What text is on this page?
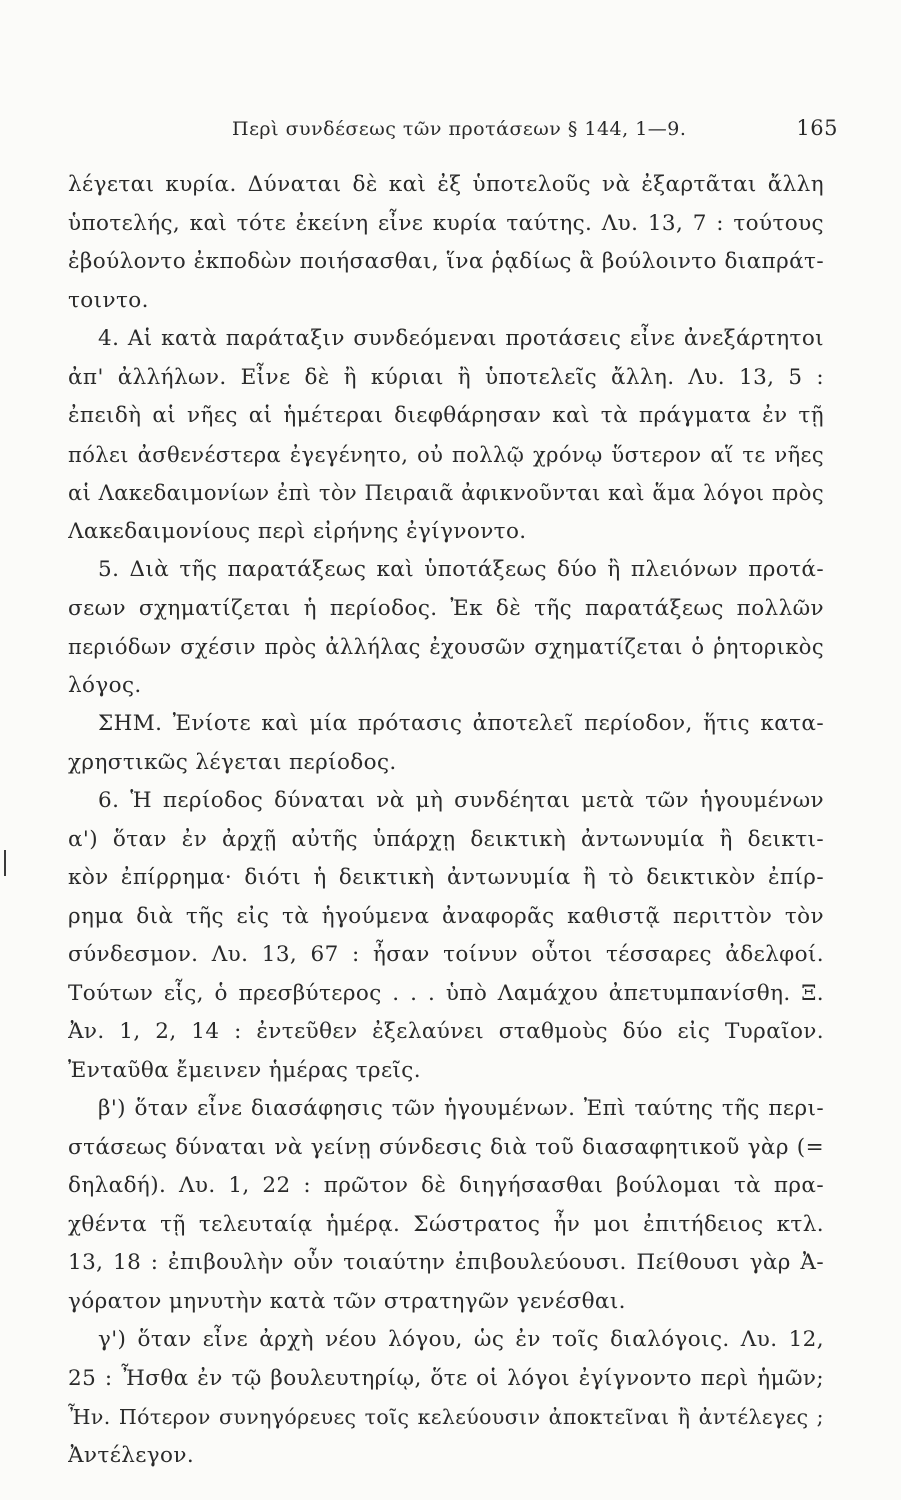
Περὶ συνδέσεως τῶν προτάσεων § 144, 1—9.	165
λέγεται κυρία. Δύναται δὲ καὶ ἐξ ὑποτελοῦς νὰ ἐξαρτᾶται ἄλλη
ὑποτελής, καὶ τότε ἐκείνη εἶνε κυρία ταύτης. Λυ. 13, 7 : τούτους
ἐβούλοντο ἐκποδὼν ποιήσασθαι, ἵνα ῥᾳδίως ἃ βούλοιντο διαπράτ-
τοιντο.
4. Αἱ κατὰ παράταξιν συνδεόμεναι προτάσεις εἶνε ἀνεξάρτητοι
ἀπ' ἀλλήλων. Εἶνε δὲ ἢ κύριαι ἢ ὑποτελεῖς ἄλλη. Λυ. 13, 5 :
ἐπειδὴ αἱ νῆες αἱ ἡμέτεραι διεφθάρησαν καὶ τὰ πράγματα ἐν τῇ
πόλει ἀσθενέστερα ἐγεγένητο, οὐ πολλῷ χρόνῳ ὕστερον αἵ τε νῆες
αἱ Λακεδαιμονίων ἐπὶ τὸν Πειραιᾶ ἀφικνοῦνται καὶ ἅμα λόγοι πρὸς
Λακεδαιμονίους περὶ εἰρήνης ἐγίγνοντο.
5. Διὰ τῆς παρατάξεως καὶ ὑποτάξεως δύο ἢ πλειόνων προτά-
σεων σχηματίζεται ἡ περίοδος. Ἐκ δὲ τῆς παρατάξεως πολλῶν
περιόδων σχέσιν πρὸς ἀλλήλας ἐχουσῶν σχηματίζεται ὁ ῥητορικὸς
λόγος.
ΣΗΜ. Ἐνίοτε καὶ μία πρότασις ἀποτελεῖ περίοδον, ἥτις κατα-
χρηστικῶς λέγεται περίοδος.
6. Ἡ περίοδος δύναται νὰ μὴ συνδέηται μετὰ τῶν ἡγουμένων
α') ὅταν ἐν ἀρχῇ αὐτῆς ὑπάρχῃ δεικτικὴ ἀντωνυμία ἢ δεικτι-
κὸν ἐπίρρημα· διότι ἡ δεικτικὴ ἀντωνυμία ἢ τὸ δεικτικὸν ἐπίρ-
ρημα διὰ τῆς εἰς τὰ ἡγούμενα ἀναφορᾶς καθιστᾷ περιττὸν τὸν
σύνδεσμον. Λυ. 13, 67 : ἦσαν τοίνυν οὗτοι τέσσαρες ἀδελφοί.
Τούτων εἷς, ὁ πρεσβύτερος . . . ὑπὸ Λαμάχου ἀπετυμπανίσθη. Ξ.
Ἀν. 1, 2, 14 : ἐντεῦθεν ἐξελαύνει σταθμοὺς δύο εἰς Τυραῖον.
Ἐνταῦθα ἔμεινεν ἡμέρας τρεῖς.
β') ὅταν εἶνε διασάφησις τῶν ἡγουμένων. Ἐπὶ ταύτης τῆς περι-
στάσεως δύναται νὰ γείνῃ σύνδεσις διὰ τοῦ διασαφητικοῦ γὰρ (=
δηλαδή). Λυ. 1, 22 : πρῶτον δὲ διηγήσασθαι βούλομαι τὰ πρα-
χθέντα τῇ τελευταίᾳ ἡμέρᾳ. Σώστρατος ἦν μοι ἐπιτήδειος κτλ.
13, 18 : ἐπιβουλὴν οὖν τοιαύτην ἐπιβουλεύουσι. Πείθουσι γὰρ Ἀ-
γόρατον μηνυτὴν κατὰ τῶν στρατηγῶν γενέσθαι.
γ') ὅταν εἶνε ἀρχὴ νέου λόγου, ὡς ἐν τοῖς διαλόγοις. Λυ. 12,
25 : Ἦσθα ἐν τῷ βουλευτηρίῳ, ὅτε οἱ λόγοι ἐγίγνοντο περὶ ἡμῶν;
Ἦν. Πότερον συνηγόρευες τοῖς κελεύουσιν ἀποκτεῖναι ἢ ἀντέλεγες ;
Ἀντέλεγον.
